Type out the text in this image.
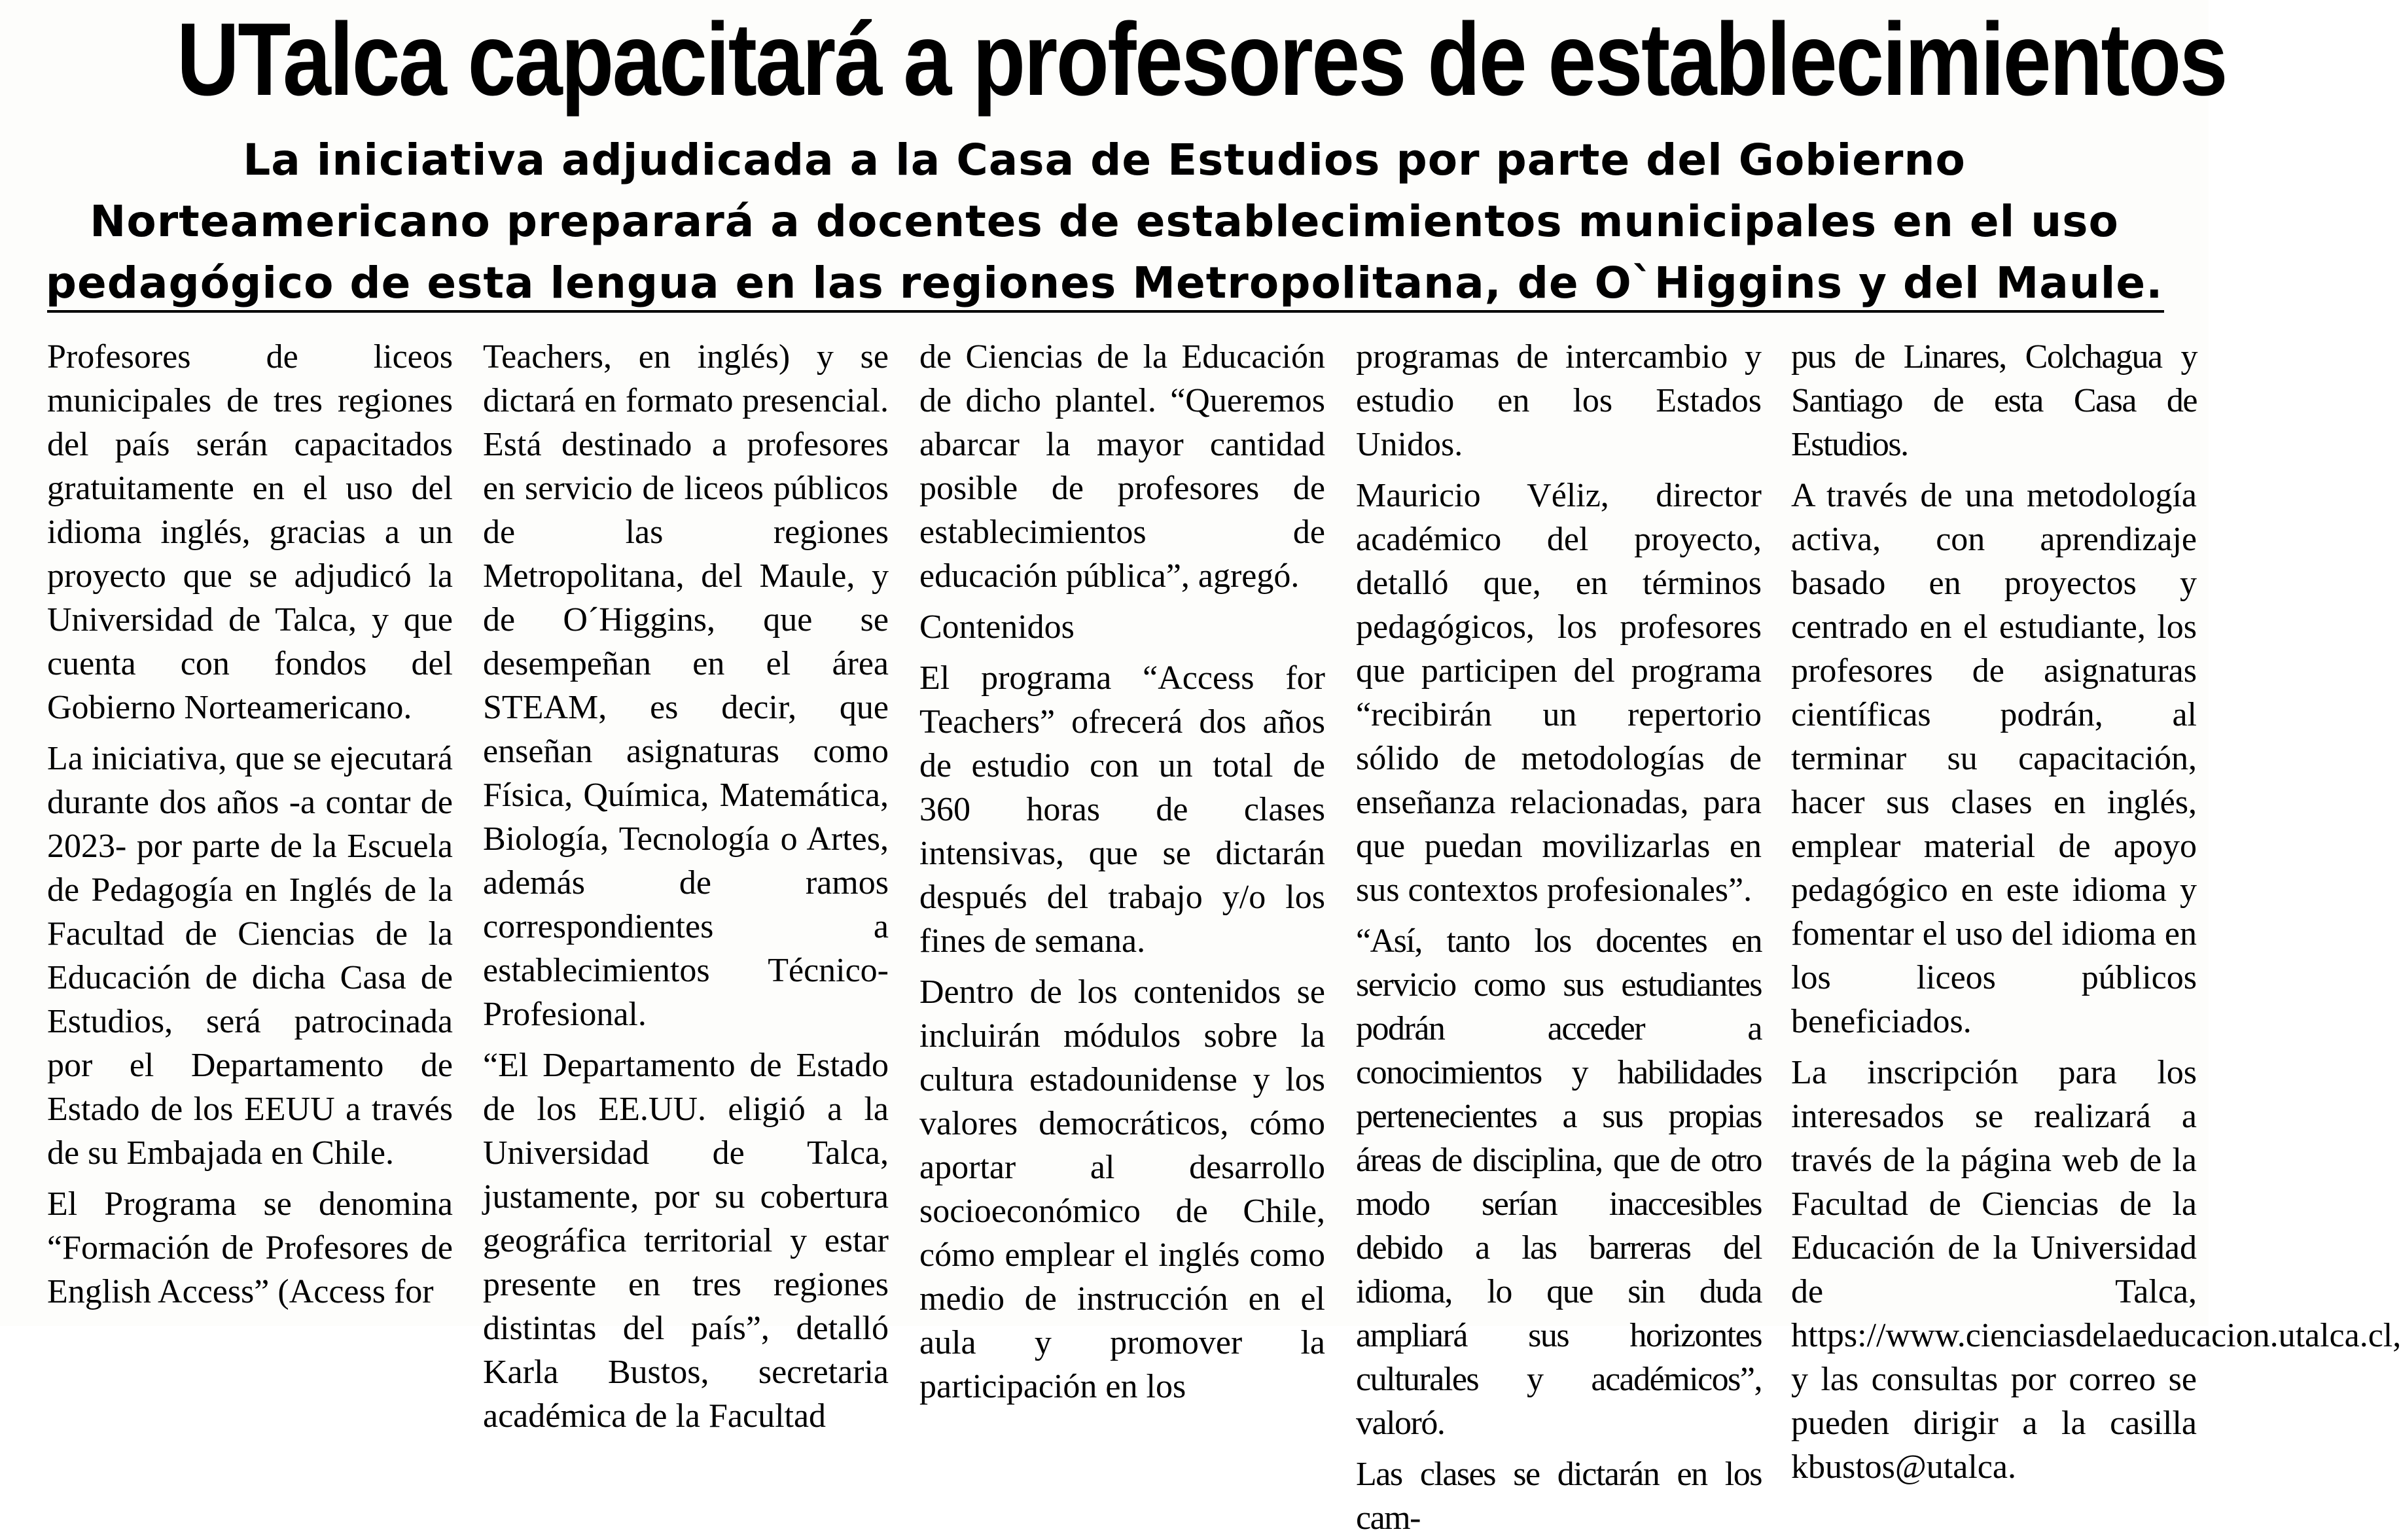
UTalca capacitará a profesores de establecimientos
La iniciativa adjudicada a la Casa de Estudios por parte del Gobierno Norteamericano preparará a docentes de establecimientos municipales en el uso pedagógico de esta lengua en las regiones Metropolitana, de O`Higgins y del Maule.

Profesores de liceos municipales de tres regiones del país serán capacitados gratuitamente en el uso del idioma inglés, gracias a un proyecto que se adjudicó la Universidad de Talca, y que cuenta con fondos del Gobierno Norteamericano.

La iniciativa, que se ejecutará durante dos años -a contar de 2023- por parte de la Escuela de Pedagogía en Inglés de la Facultad de Ciencias de la Educación de dicha Casa de Estudios, será patrocinada por el Departamento de Estado de los EEUU a través de su Embajada en Chile.

El Programa se denomina “Formación de Profesores de English Access” (Access for

Teachers, en inglés) y se dictará en formato presencial. Está destinado a profesores en servicio de liceos públicos de las regiones Metropolitana, del Maule, y de O´Higgins, que se desempeñan en el área STEAM, es decir, que enseñan asignaturas como Física, Química, Matemática, Biología, Tecnología o Artes, además de ramos correspondientes a establecimientos Técnico-Profesional.

“El Departamento de Estado de los EE.UU. eligió a la Universidad de Talca, justamente, por su cobertura geográfica territorial y estar presente en tres regiones distintas del país”, detalló Karla Bustos, secretaria académica de la Facultad

de Ciencias de la Educación de dicho plantel. “Queremos abarcar la mayor cantidad posible de profesores de establecimientos de educación pública”, agregó.

Contenidos

El programa “Access for Teachers” ofrecerá dos años de estudio con un total de 360 horas de clases intensivas, que se dictarán después del trabajo y/o los fines de semana.

Dentro de los contenidos se incluirán módulos sobre la cultura estadounidense y los valores democráticos, cómo aportar al desarrollo socioeconómico de Chile, cómo emplear el inglés como medio de instrucción en el aula y promover la participación en los

programas de intercambio y estudio en los Estados Unidos.

Mauricio Véliz, director académico del proyecto, detalló que, en términos pedagógicos, los profesores que participen del programa “recibirán un repertorio sólido de metodologías de enseñanza relacionadas, para que puedan movilizarlas en sus contextos profesionales”.

“Así, tanto los docentes en servicio como sus estudiantes podrán acceder a conocimientos y habilidades pertenecientes a sus propias áreas de disciplina, que de otro modo serían inaccesibles debido a las barreras del idioma, lo que sin duda ampliará sus horizontes culturales y académicos”, valoró.

Las clases se dictarán en los cam-

pus de Linares, Colchagua y Santiago de esta Casa de Estudios.

A través de una metodología activa, con aprendizaje basado en proyectos y centrado en el estudiante, los profesores de asignaturas científicas podrán, al terminar su capacitación, hacer sus clases en inglés, emplear material de apoyo pedagógico en este idioma y fomentar el uso del idioma en los liceos públicos beneficiados.

La inscripción para los interesados se realizará a través de la página web de la Facultad de Ciencias de la Educación de la Universidad de Talca, https://www.cienciasdelaeducacion.utalca.cl, y las consultas por correo se pueden dirigir a la casilla kbustos@utalca.
